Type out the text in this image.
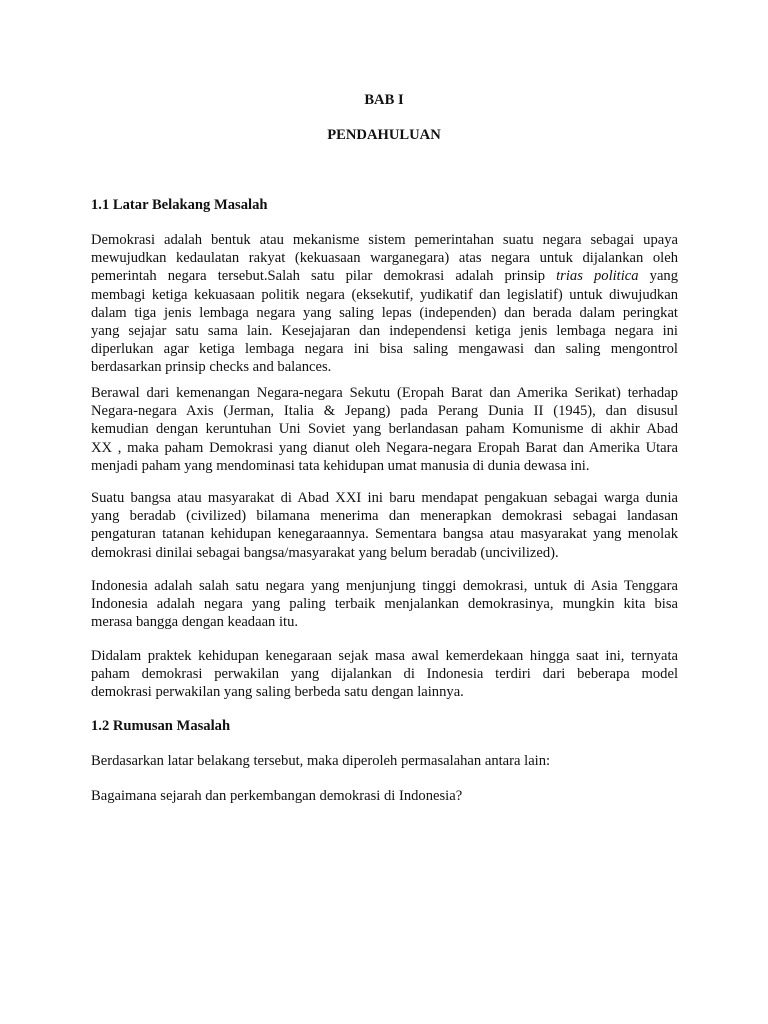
BAB I
PENDAHULUAN
1.1 Latar Belakang Masalah
Demokrasi adalah bentuk atau mekanisme sistem pemerintahan suatu negara sebagai upaya
mewujudkan kedaulatan rakyat (kekuasaan warganegara) atas negara untuk dijalankan oleh
pemerintah negara tersebut.Salah satu pilar demokrasi adalah prinsip trias politica yang
membagi ketiga kekuasaan politik negara (eksekutif, yudikatif dan legislatif) untuk diwujudkan
dalam tiga jenis lembaga negara yang saling lepas (independen) dan berada dalam peringkat
yang sejajar satu sama lain. Kesejajaran dan independensi ketiga jenis lembaga negara ini
diperlukan agar ketiga lembaga negara ini bisa saling mengawasi dan saling mengontrol
berdasarkan prinsip checks and balances.
Berawal dari kemenangan Negara-negara Sekutu (Eropah Barat dan Amerika Serikat) terhadap
Negara-negara Axis (Jerman, Italia & Jepang) pada Perang Dunia II (1945), dan disusul
kemudian dengan keruntuhan Uni Soviet yang berlandasan paham Komunisme di akhir Abad
XX , maka paham Demokrasi yang dianut oleh Negara-negara Eropah Barat dan Amerika Utara
menjadi paham yang mendominasi tata kehidupan umat manusia di dunia dewasa ini.
Suatu bangsa atau masyarakat di Abad XXI ini baru mendapat pengakuan sebagai warga dunia
yang beradab (civilized) bilamana menerima dan menerapkan demokrasi sebagai landasan
pengaturan tatanan kehidupan kenegaraannya. Sementara bangsa atau masyarakat yang menolak
demokrasi dinilai sebagai bangsa/masyarakat yang belum beradab (uncivilized).
Indonesia adalah salah satu negara yang menjunjung tinggi demokrasi, untuk di Asia Tenggara
Indonesia adalah negara yang paling terbaik menjalankan demokrasinya, mungkin kita bisa
merasa bangga dengan keadaan itu.
Didalam praktek kehidupan kenegaraan sejak masa awal kemerdekaan hingga saat ini, ternyata
paham demokrasi perwakilan yang dijalankan di Indonesia terdiri dari beberapa model
demokrasi perwakilan yang saling berbeda satu dengan lainnya.
1.2 Rumusan Masalah
Berdasarkan latar belakang tersebut, maka diperoleh permasalahan antara lain:
Bagaimana sejarah dan perkembangan demokrasi di Indonesia?
